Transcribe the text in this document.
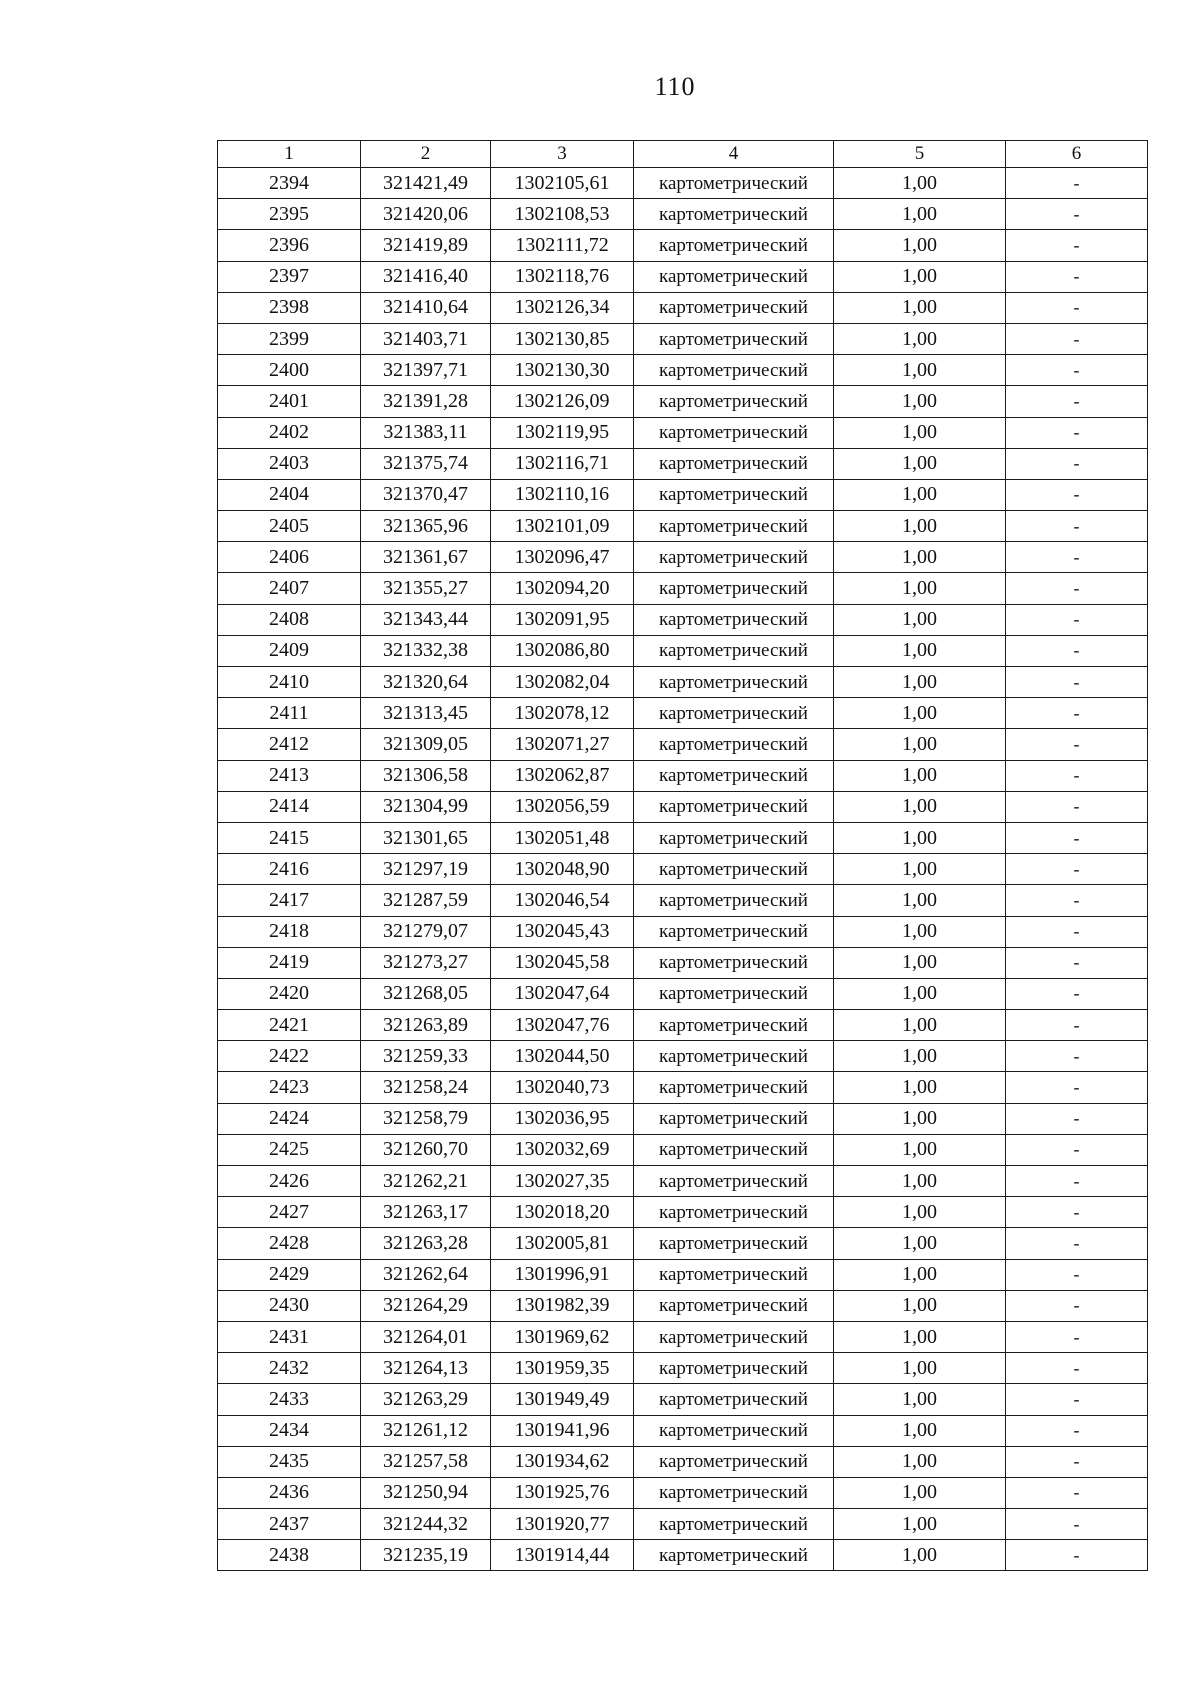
110
1	2	3	4	5	6
2394	321421,49	1302105,61	картометрический	1,00	-
2395	321420,06	1302108,53	картометрический	1,00	-
2396	321419,89	1302111,72	картометрический	1,00	-
2397	321416,40	1302118,76	картометрический	1,00	-
2398	321410,64	1302126,34	картометрический	1,00	-
2399	321403,71	1302130,85	картометрический	1,00	-
2400	321397,71	1302130,30	картометрический	1,00	-
2401	321391,28	1302126,09	картометрический	1,00	-
2402	321383,11	1302119,95	картометрический	1,00	-
2403	321375,74	1302116,71	картометрический	1,00	-
2404	321370,47	1302110,16	картометрический	1,00	-
2405	321365,96	1302101,09	картометрический	1,00	-
2406	321361,67	1302096,47	картометрический	1,00	-
2407	321355,27	1302094,20	картометрический	1,00	-
2408	321343,44	1302091,95	картометрический	1,00	-
2409	321332,38	1302086,80	картометрический	1,00	-
2410	321320,64	1302082,04	картометрический	1,00	-
2411	321313,45	1302078,12	картометрический	1,00	-
2412	321309,05	1302071,27	картометрический	1,00	-
2413	321306,58	1302062,87	картометрический	1,00	-
2414	321304,99	1302056,59	картометрический	1,00	-
2415	321301,65	1302051,48	картометрический	1,00	-
2416	321297,19	1302048,90	картометрический	1,00	-
2417	321287,59	1302046,54	картометрический	1,00	-
2418	321279,07	1302045,43	картометрический	1,00	-
2419	321273,27	1302045,58	картометрический	1,00	-
2420	321268,05	1302047,64	картометрический	1,00	-
2421	321263,89	1302047,76	картометрический	1,00	-
2422	321259,33	1302044,50	картометрический	1,00	-
2423	321258,24	1302040,73	картометрический	1,00	-
2424	321258,79	1302036,95	картометрический	1,00	-
2425	321260,70	1302032,69	картометрический	1,00	-
2426	321262,21	1302027,35	картометрический	1,00	-
2427	321263,17	1302018,20	картометрический	1,00	-
2428	321263,28	1302005,81	картометрический	1,00	-
2429	321262,64	1301996,91	картометрический	1,00	-
2430	321264,29	1301982,39	картометрический	1,00	-
2431	321264,01	1301969,62	картометрический	1,00	-
2432	321264,13	1301959,35	картометрический	1,00	-
2433	321263,29	1301949,49	картометрический	1,00	-
2434	321261,12	1301941,96	картометрический	1,00	-
2435	321257,58	1301934,62	картометрический	1,00	-
2436	321250,94	1301925,76	картометрический	1,00	-
2437	321244,32	1301920,77	картометрический	1,00	-
2438	321235,19	1301914,44	картометрический	1,00	-
